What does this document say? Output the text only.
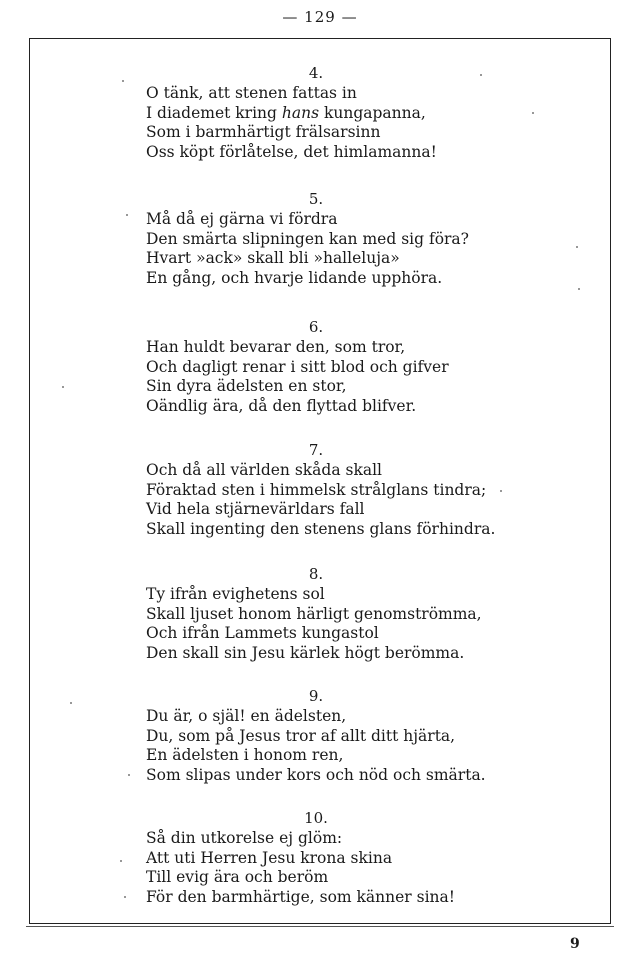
— 129 —
4.
O tänk, att stenen fattas in
I diademet kring hans kungapanna,
Som i barmhärtigt frälsarsinn
Oss köpt förlåtelse, det himlamanna!
5.
Må då ej gärna vi fördra
Den smärta slipningen kan med sig föra?
Hvart »ack» skall bli »halleluja»
En gång, och hvarje lidande upphöra.
6.
Han huldt bevarar den, som tror,
Och dagligt renar i sitt blod och gifver
Sin dyra ädelsten en stor,
Oändlig ära, då den flyttad blifver.
7.
Och då all världen skåda skall
Föraktad sten i himmelsk strålglans tindra;
Vid hela stjärnevärldars fall
Skall ingenting den stenens glans förhindra.
8.
Ty ifrån evighetens sol
Skall ljuset honom härligt genomströmma,
Och ifrån Lammets kungastol
Den skall sin Jesu kärlek högt berömma.
9.
Du är, o själ! en ädelsten,
Du, som på Jesus tror af allt ditt hjärta,
En ädelsten i honom ren,
Som slipas under kors och nöd och smärta.
10.
Så din utkorelse ej glöm:
Att uti Herren Jesu krona skina
Till evig ära och beröm
För den barmhärtige, som känner sina!
9
